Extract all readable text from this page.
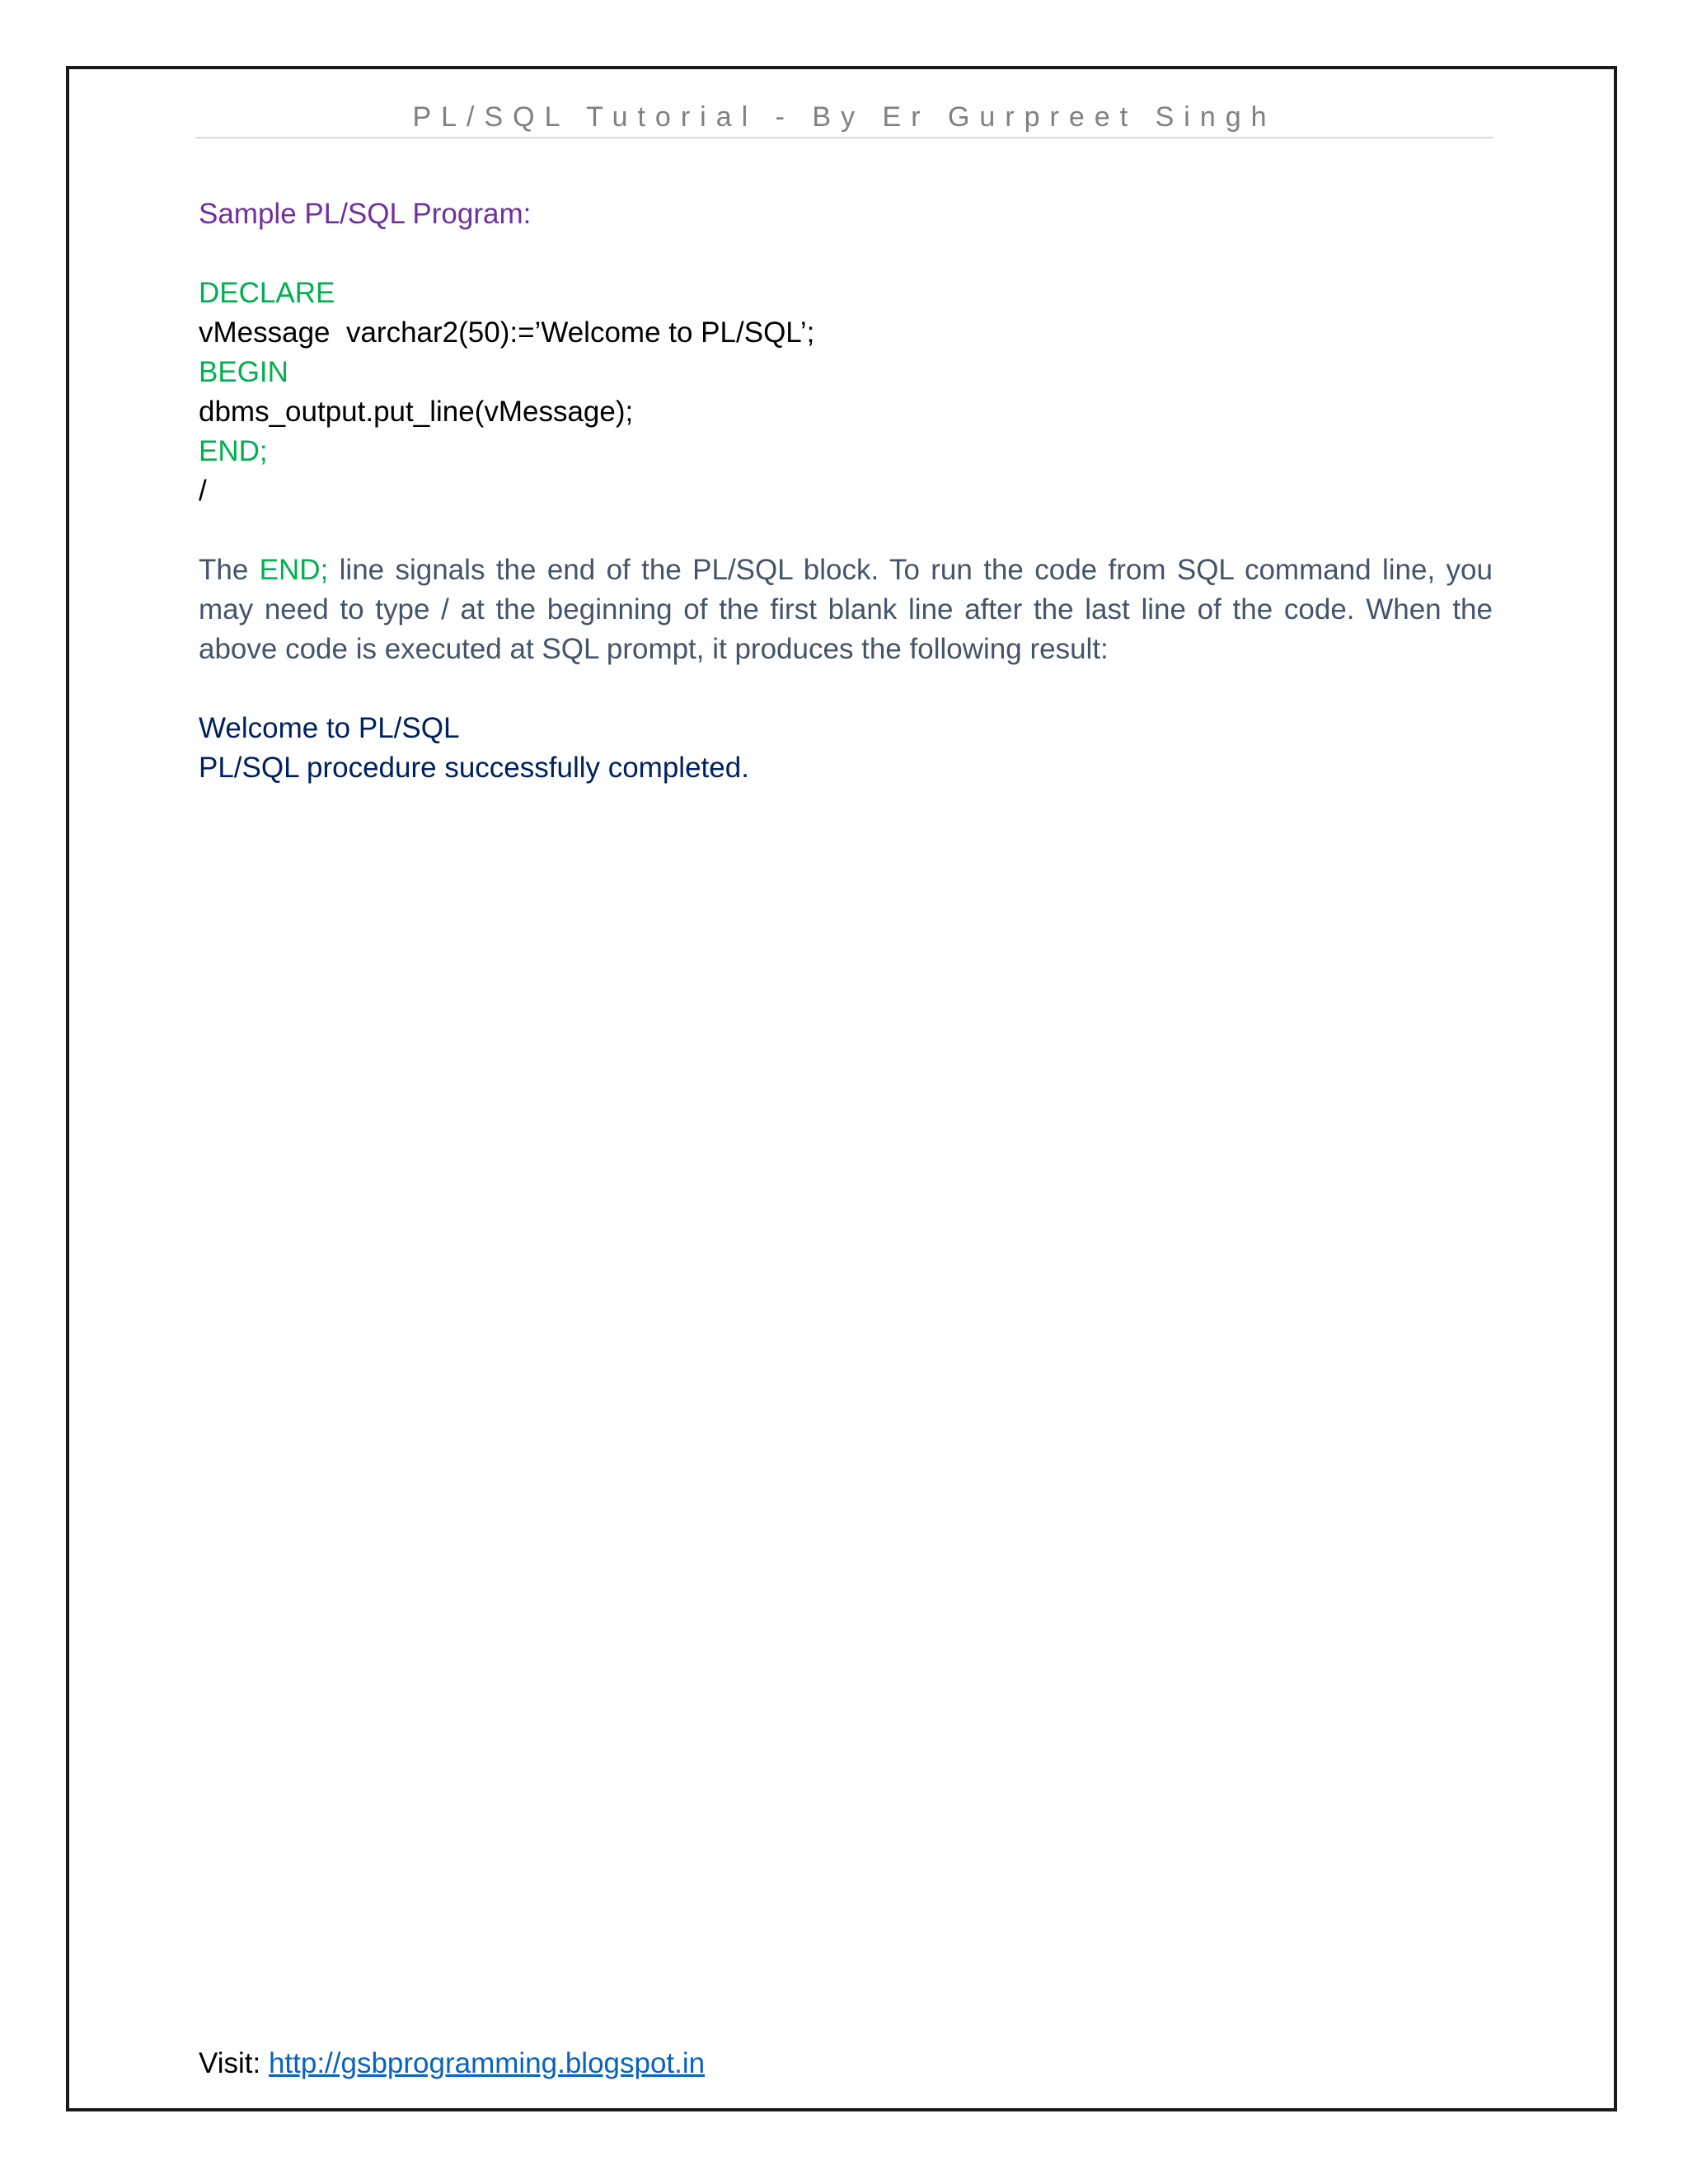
PL/SQL Tutorial - By Er Gurpreet Singh

Sample PL/SQL Program:

DECLARE
vMessage  varchar2(50):=’Welcome to PL/SQL’;
BEGIN
dbms_output.put_line(vMessage);
END;
/
The END; line signals the end of the PL/SQL block. To run the code from SQL command line, you may need to type / at the beginning of the first blank line after the last line of the code. When the above code is executed at SQL prompt, it produces the following result:
Welcome to PL/SQL
PL/SQL procedure successfully completed.
Visit: http://gsbprogramming.blogspot.in
